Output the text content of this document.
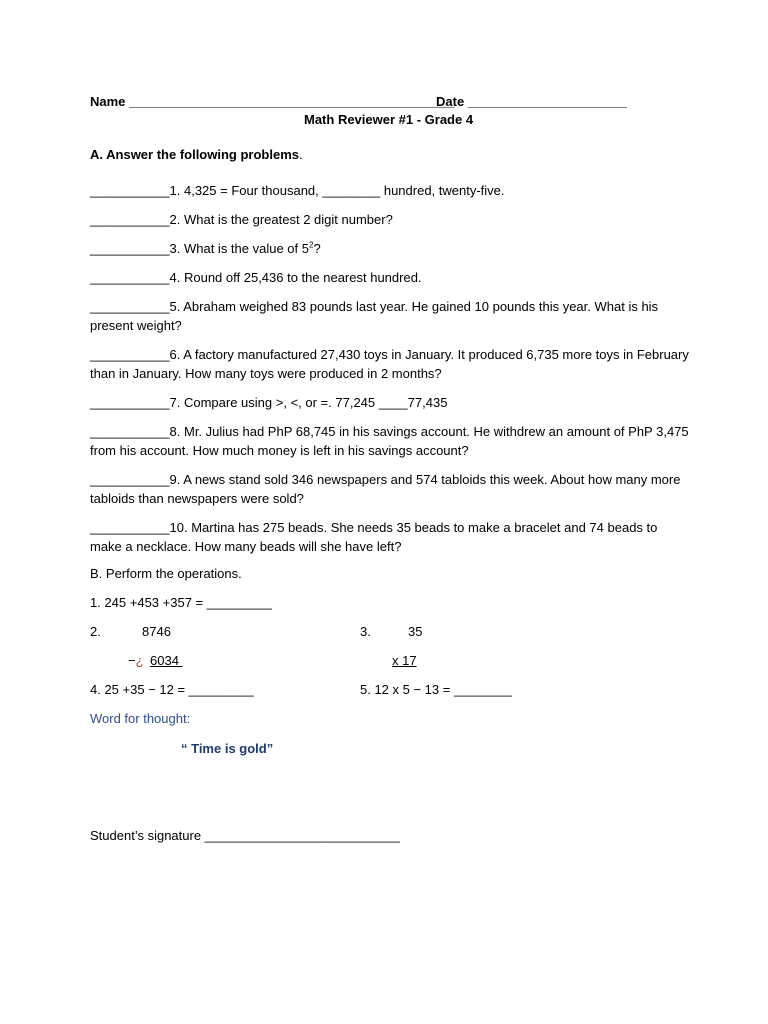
Name _____________________________________________
Date ______________________
Math Reviewer #1 - Grade 4
A. Answer the following problems.
___________1. 4,325 = Four thousand, ________ hundred, twenty-five.
___________2. What is the greatest 2 digit number?
___________3. What is the value of $5^2$?
___________4. Round off 25,436 to the nearest hundred.
___________5. Abraham weighed 83 pounds last year. He gained 10 pounds this year. What is his present weight?
___________6. A factory manufactured 27,430 toys in January. It produced 6,735 more toys in February than in January. How many toys were produced in 2 months?
___________7. Compare using >, <, or =. 77,245 ____77,435
___________8. Mr. Julius had PhP 68,745 in his savings account. He withdrew an amount of PhP 3,475 from his account. How much money is left in his savings account?
___________9. A news stand sold 346 newspapers and 574 tabloids this week. About how many more tabloids than newspapers were sold?
___________10. Martina has 275 beads. She needs 35 beads to make a bracelet and 74 beads to make a necklace. How many beads will she have left?
B. Perform the operations.
1. 245 +453 +357 = _________
2.	8746
−¿ 6034
3.	35
x 17
4. 25 +35 − 12 = _________	5. 12 x 5 − 13 = ________
Word for thought:
“ Time is gold”
Student’s signature ___________________________
